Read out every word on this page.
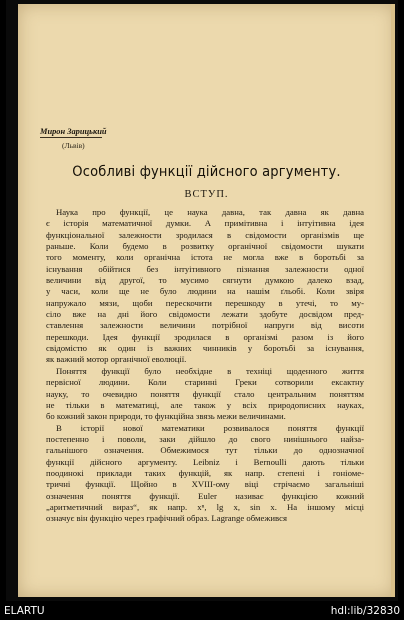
Мирон Зарицький
(Львів)
Особливі функції дійсного аргументу.
ВСТУП.
Наука про функції, це наука давна, так давна як давна
є історія математичної думки. А примітивна і інтуітивна ідея
функціональної залежности зродилася в свідомости організмів ще
раньше. Коли будемо в розвитку органічної свідомости шукати
того моменту, коли органічна істота не могла вже в боротьбі за
існування обійтися без інтуітивного пізнання залежности одної
величини від другої, то мусимо сягнути думкою далеко взад,
у часи, коли ще не було людини на нашім ґльобі. Коли звіря
напружало мязи, щоби перескочити перешкоду в утечі, то му-
сіло вже на дні його свідомости лежати здобуте досвідом пред-
ставлення залежности величини потрібної напруги від висоти
перешкоди. Ідея функції зродилася в організмі разом із його
свідомістю як один із важних чинників у боротьбі за існування,
як важний мотор органічної еволюції.
Поняття функції було необхідне в техніці щоденного життя
первісної людини. Коли старинні Греки сотворили ексактну
науку, то очевидно поняття функції стало центральним поняттям
не тільки в математиці, але також у всіх природописних науках,
бо кожний закон природи, то функційна звязь межи величинами.
В історії нової математики розвивалося поняття функції
постепенно і поволи, заки дійшло до свого нинішнього найза-
гальнішого означення. Обмежимося тут тільки до однозначної
функції дійсного аргументу. Leibniz і Bernoulli дають тільки
поодинокі приклади таких функцій, як напр. степені і гоніоме-
тричні функції. Щойно в XVIII-ому віці стрічаємо загальніші
означення поняття функції. Euler називає функцією кожний
„аритметичний вираз“, як напр. xⁿ, lg x, sin x. На іншому місці
означує він функцію через графічний образ. Lagrange обмежився
ELARTU	hdl:lib/32830
